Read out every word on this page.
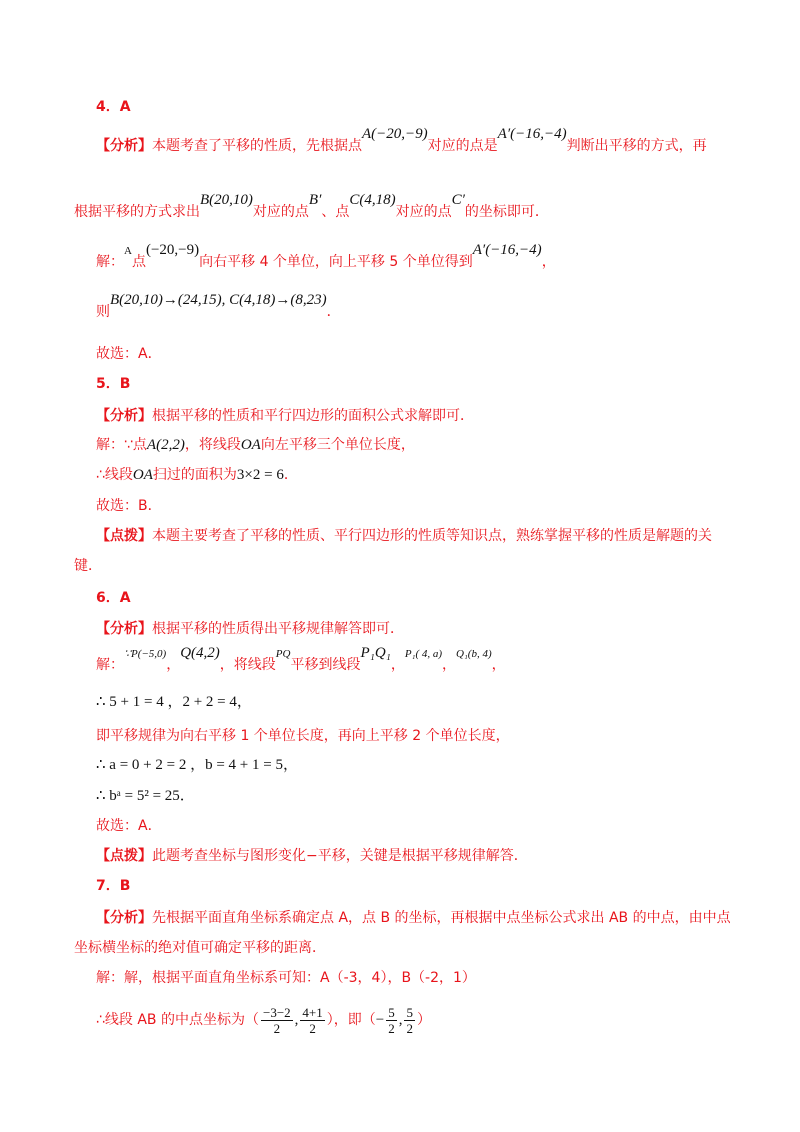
4．A
【分析】本题考查了平移的性质，先根据点A(−20,−9)对应的点是A′(−16,−4)判断出平移的方式，再
根据平移的方式求出B(20,10)对应的点B′、点C(4,18)对应的点C′的坐标即可．
解：$^A$点(−20,−9)向右平移 4 个单位，向上平移 5 个单位得到A′(−16,−4)，
则B(20,10)→(24,15), C(4,18)→(8,23)．
故选：A．
5．B
【分析】根据平移的性质和平行四边形的面积公式求解即可．
解：∵点A(2,2)，将线段OA向左平移三个单位长度，
∴线段OA扫过的面积为3×2 = 6．
故选：B．
【点拨】本题主要考查了平移的性质、平行四边形的性质等知识点，熟练掌握平移的性质是解题的关
键．
6．A
【分析】根据平移的性质得出平移规律解答即可．
解：$^{\because P(-5,0)}$，Q(4,2)，将线段$^{PQ}$平移到线段P₁Q₁，$^{P_1( 4, a)}$，$^{Q_1(b, 4)}$，
∴ 5 + 1 = 4 ，2 + 2 = 4，
即平移规律为向右平移 1 个单位长度，再向上平移 2 个单位长度，
∴ a = 0 + 2 = 2 ，b = 4 + 1 = 5，
∴ bᵃ = 5² = 25．
故选：A．
【点拨】此题考查坐标与图形变化−平移，关键是根据平移规律解答．
7．B
【分析】先根据平面直角坐标系确定点 A，点 B 的坐标，再根据中点坐标公式求出 AB 的中点，由中点
坐标横坐标的绝对值可确定平移的距离．
解：解，根据平面直角坐标系可知：A（-3，4），B（-2，1）
∴线段 AB 的中点坐标为（ $\frac{-3-2}{2}$ , $\frac{4+1}{2}$ ），即（− $\frac{5}{2}$ , $\frac{5}{2}$ ）
